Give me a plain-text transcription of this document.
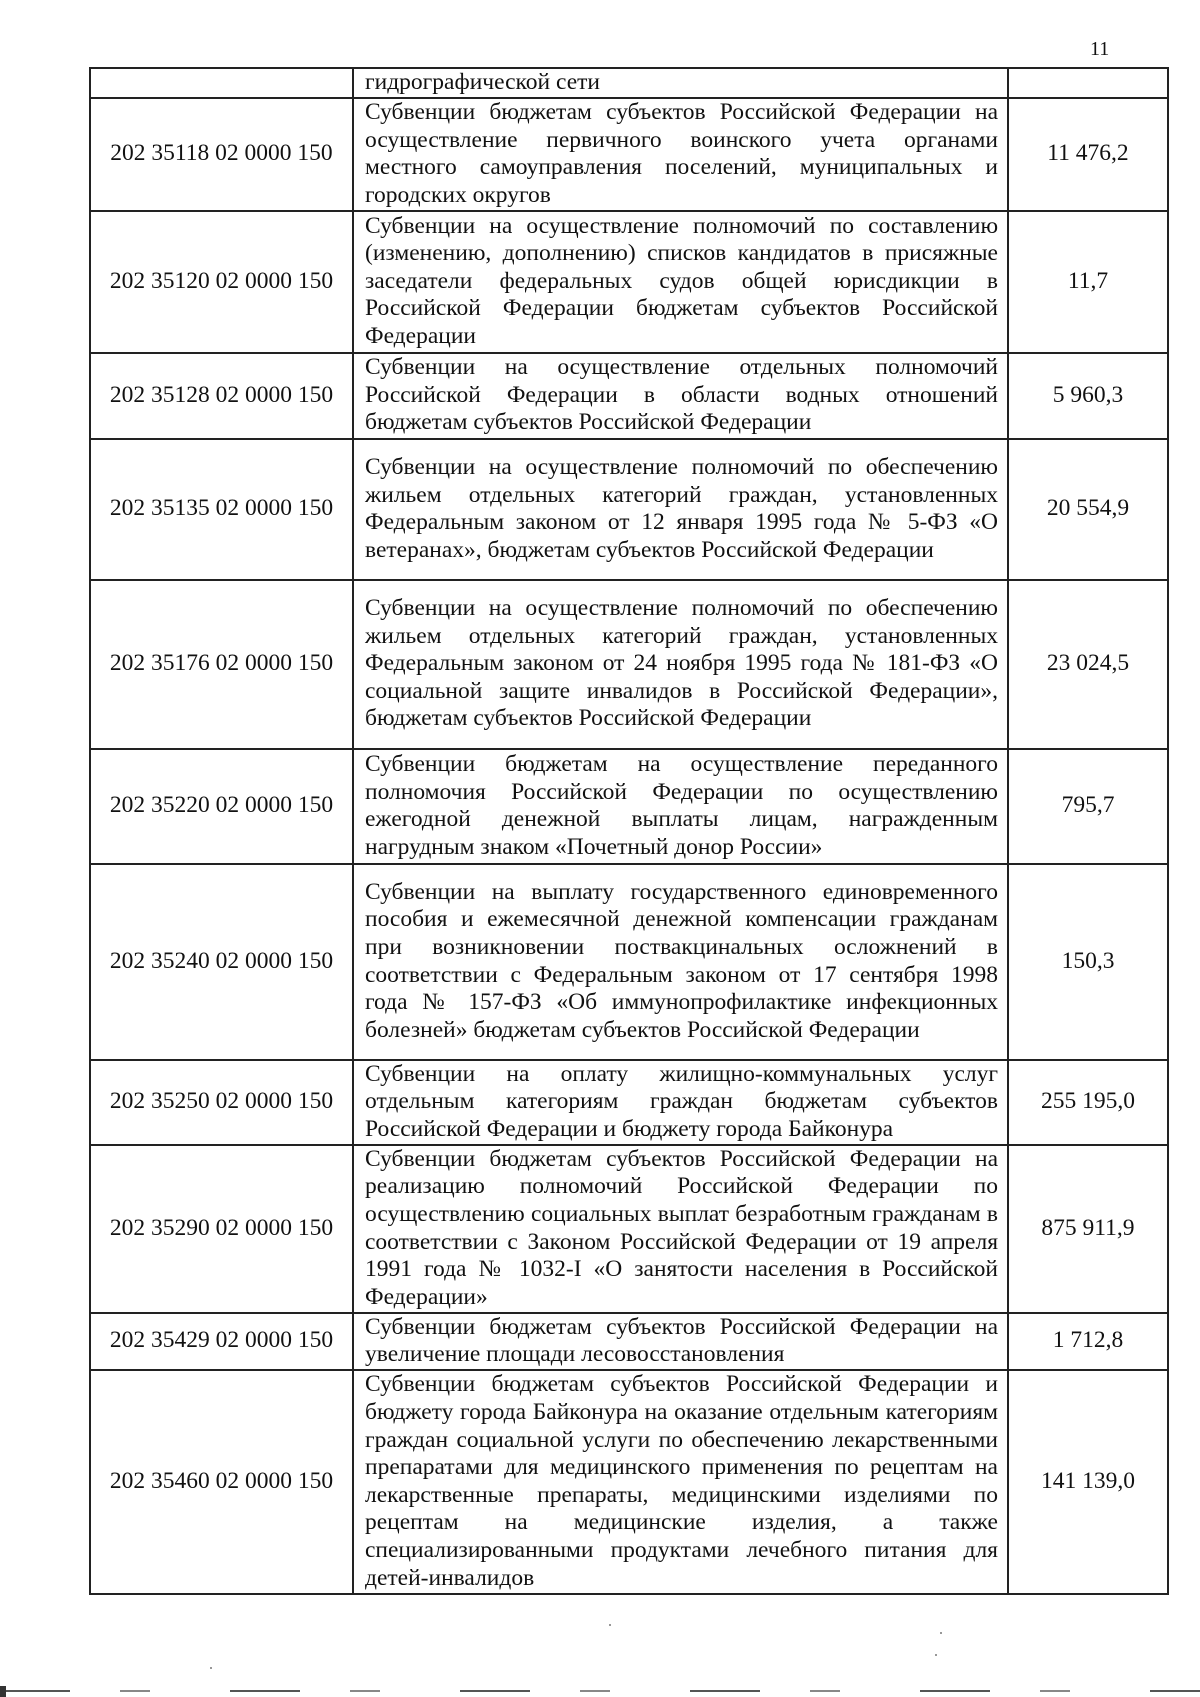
11
	гидрографической сети	
202 35118 02 0000 150	Субвенции бюджетам субъектов Российской Федерации на осуществление первичного воинского учета органами местного самоуправления поселений, муниципальных и городских округов	11 476,2
202 35120 02 0000 150	Субвенции на осуществление полномочий по составлению (изменению, дополнению) списков кандидатов в присяжные заседатели федеральных судов общей юрисдикции в Российской Федерации бюджетам субъектов Российской Федерации	11,7
202 35128 02 0000 150	Субвенции на осуществление отдельных полномочий Российской Федерации в области водных отношений бюджетам субъектов Российской Федерации	5 960,3
202 35135 02 0000 150	Субвенции на осуществление полномочий по обеспечению жильем отдельных категорий граждан, установленных Федеральным законом от 12 января 1995 года № 5-ФЗ «О ветеранах», бюджетам субъектов Российской Федерации	20 554,9
202 35176 02 0000 150	Субвенции на осуществление полномочий по обеспечению жильем отдельных категорий граждан, установленных Федеральным законом от 24 ноября 1995 года № 181-ФЗ «О социальной защите инвалидов в Российской Федерации», бюджетам субъектов Российской Федерации	23 024,5
202 35220 02 0000 150	Субвенции бюджетам на осуществление переданного полномочия Российской Федерации по осуществлению ежегодной денежной выплаты лицам, награжденным нагрудным знаком «Почетный донор России»	795,7
202 35240 02 0000 150	Субвенции на выплату государственного единовременного пособия и ежемесячной денежной компенсации гражданам при возникновении поствакцинальных осложнений в соответствии с Федеральным законом от 17 сентября 1998 года № 157-ФЗ «Об иммунопрофилактике инфекционных болезней» бюджетам субъектов Российской Федерации	150,3
202 35250 02 0000 150	Субвенции на оплату жилищно-коммунальных услуг отдельным категориям граждан бюджетам субъектов Российской Федерации и бюджету города Байконура	255 195,0
202 35290 02 0000 150	Субвенции бюджетам субъектов Российской Федерации на реализацию полномочий Российской Федерации по осуществлению социальных выплат безработным гражданам в соответствии с Законом Российской Федерации от 19 апреля 1991 года № 1032-I «О занятости населения в Российской Федерации»	875 911,9
202 35429 02 0000 150	Субвенции бюджетам субъектов Российской Федерации на увеличение площади лесовосстановления	1 712,8
202 35460 02 0000 150	Субвенции бюджетам субъектов Российской Федерации и бюджету города Байконура на оказание отдельным категориям граждан социальной услуги по обеспечению лекарственными препаратами для медицинского применения по рецептам на лекарственные препараты, медицинскими изделиями по рецептам на медицинские изделия, а также специализированными продуктами лечебного питания для детей-инвалидов	141 139,0
